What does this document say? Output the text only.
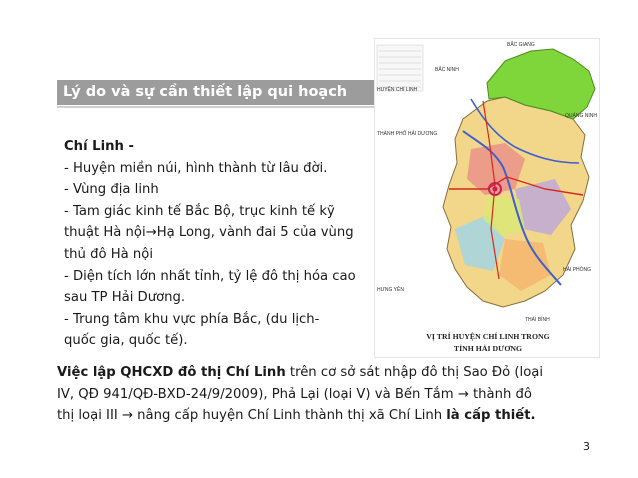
Lý do và sự cần thiết lập qui hoạch
Chí Linh -
- Huyện miền núi, hình thành từ lâu đời.
- Vùng địa linh
- Tam giác kinh tế Bắc Bộ, trục kinh tế kỹ
thuật Hà nội→Hạ Long, vành đai 5 của vùng
thủ đô Hà nội
- Diện tích lớn nhất tỉnh, tỷ lệ đô thị hóa cao
sau TP Hải Dương.
- Trung tâm khu vực phía Bắc, (du lịch-
quốc gia, quốc tế).
BẮC GIANG
BẮC NINH
HUYỆN CHÍ LINH
THÀNH PHỐ HẢI DƯƠNG
QUẢNG NINH
HẢI PHÒNG
HƯNG YÊN
THÁI BÌNH
VỊ TRÍ HUYỆN CHÍ LINH TRONG
TỈNH HẢI DƯƠNG
Việc lập QHCXD đô thị Chí Linh trên cơ sở sát nhập đô thị Sao Đỏ (loại
IV, QĐ 941/QĐ-BXD-24/9/2009), Phả Lại (loại V) và Bến Tắm → thành đô
thị loại III → nâng cấp huyện Chí Linh thành thị xã Chí Linh là cấp thiết.
3
